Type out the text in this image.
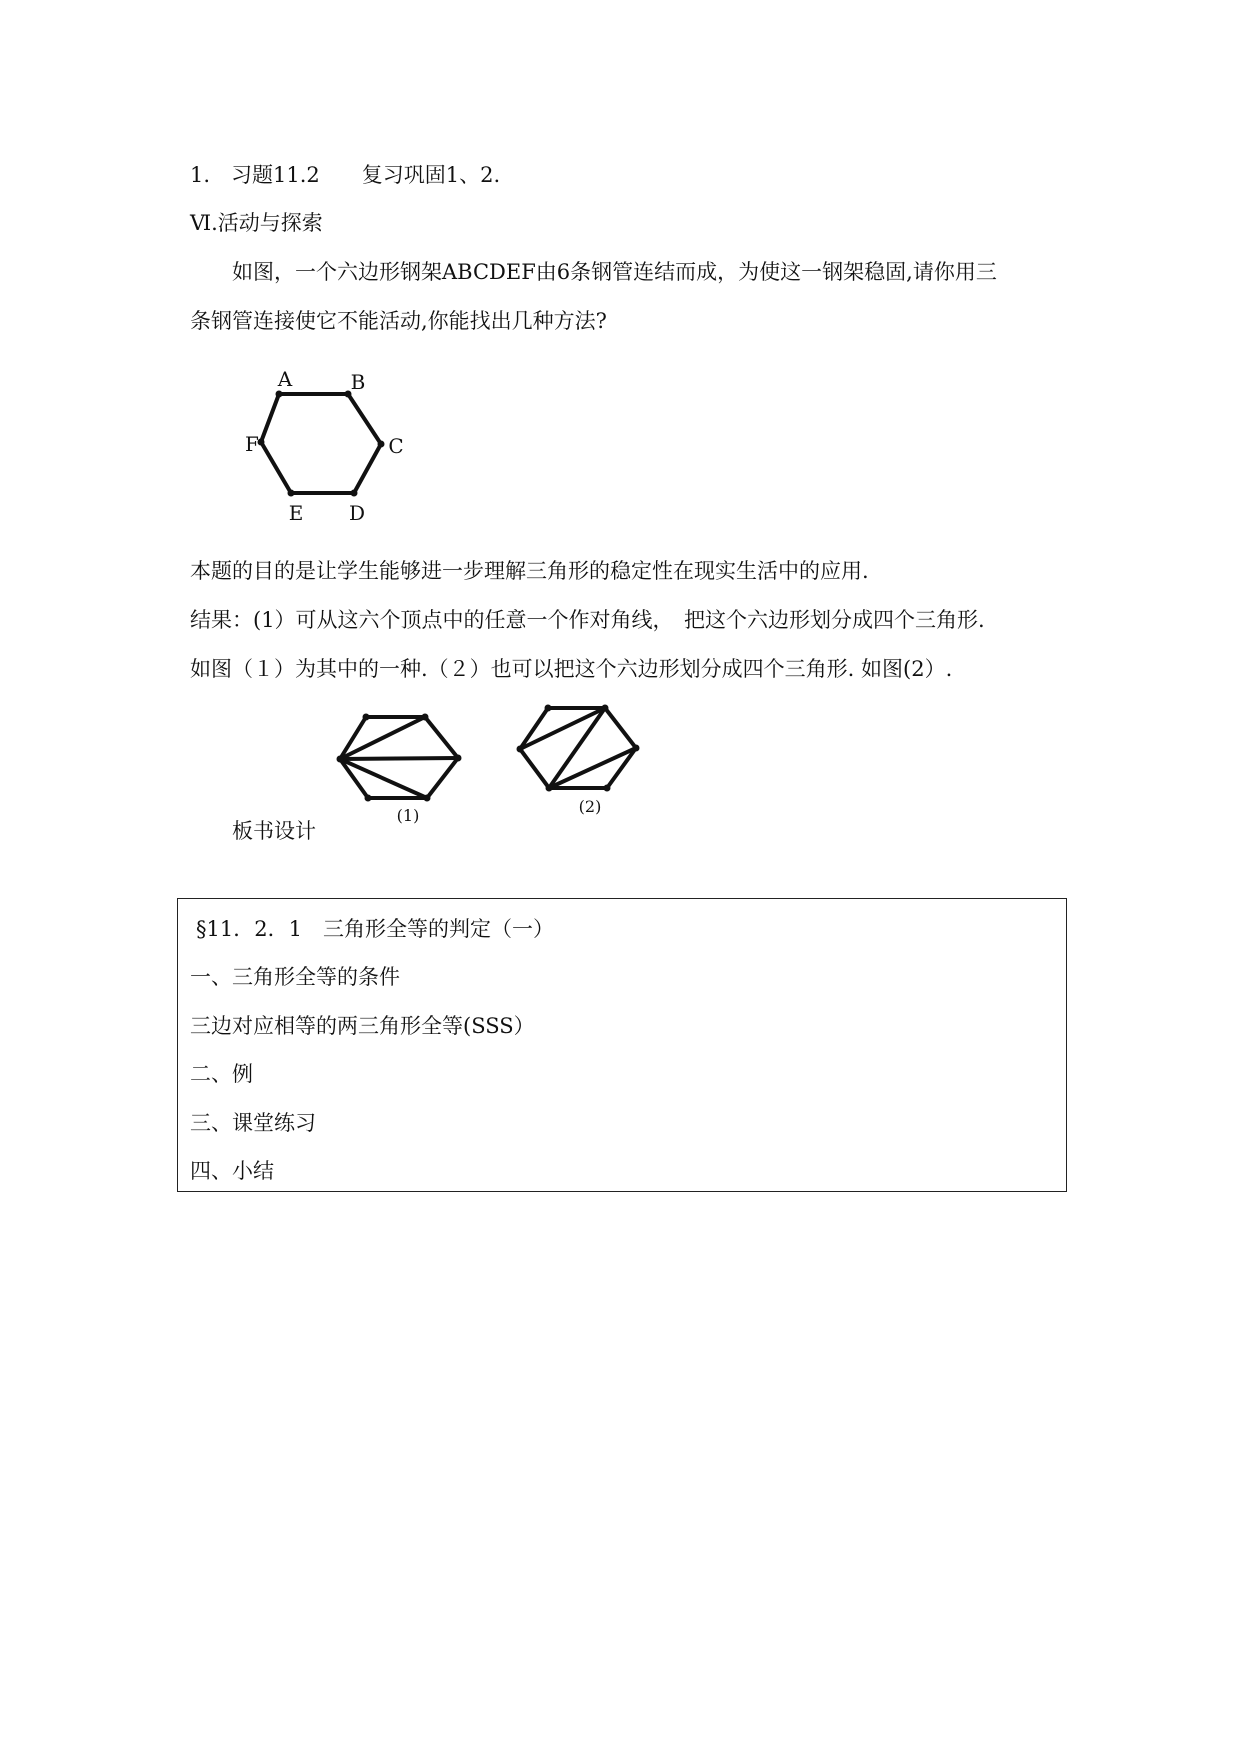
1.　习题11.2　　复习巩固1、2.
Ⅵ.活动与探索
如图，一个六边形钢架ABCDEF由6条钢管连结而成，为使这一钢架稳固,请你用三
条钢管连接使它不能活动,你能找出几种方法?
A	B
C
D
E
F
本题的目的是让学生能够进一步理解三角形的稳定性在现实生活中的应用.
结果：(1）可从这六个顶点中的任意一个作对角线，　把这个六边形划分成四个三角形.
如图（１）为其中的一种.（２）也可以把这个六边形划分成四个三角形. 如图(2）.
(1)	(2)
板书设计
§11．2．1　三角形全等的判定（一）
一、三角形全等的条件
三边对应相等的两三角形全等(SSS）
二、例
三、课堂练习
四、小结
